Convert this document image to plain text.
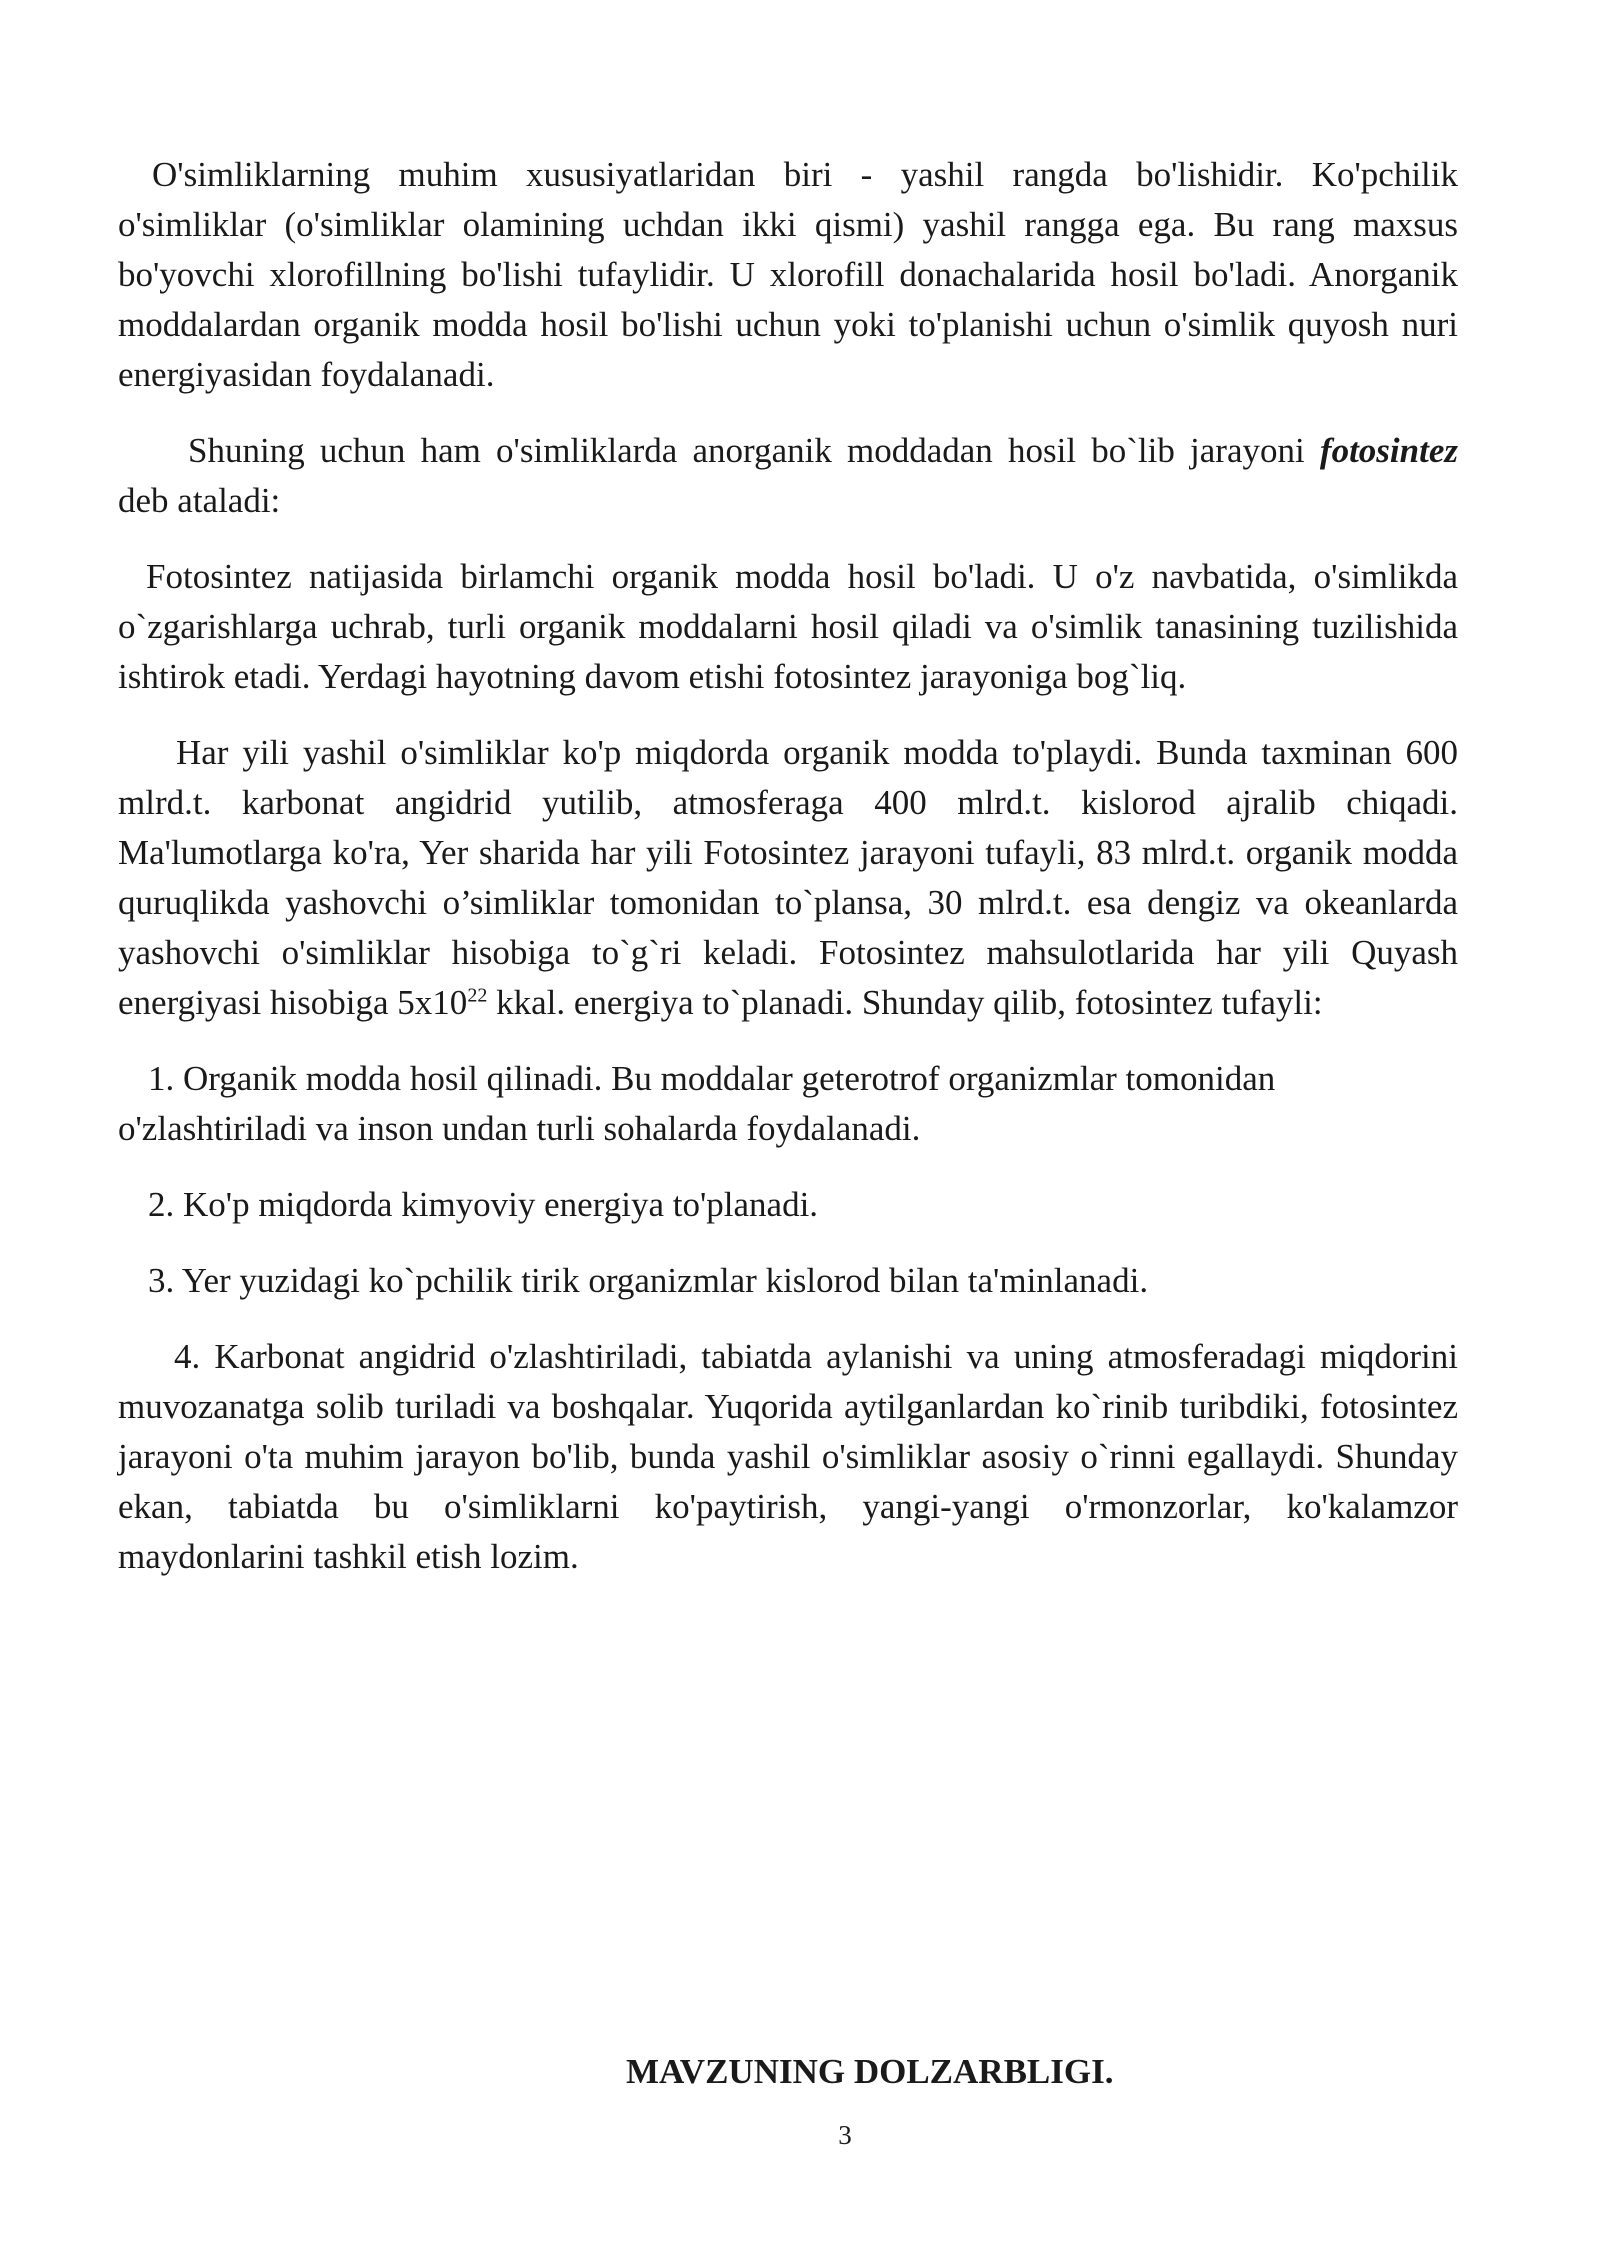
O'simliklarning muhim xususiyatlaridan biri - yashil rangda bo'lishidir. Ko'pchilik o'simliklar (o'simliklar olamining uchdan ikki qismi) yashil rangga ega. Bu rang maxsus bo'yovchi xlorofillning bo'lishi tufaylidir. U xlorofill donachalarida hosil bo'ladi. Anorganik moddalardan organik modda hosil bo'lishi uchun yoki to'planishi uchun o'simlik quyosh nuri energiyasidan foydalanadi.

Shuning uchun ham o'simliklarda anorganik moddadan hosil bo`lib jarayoni fotosintez deb ataladi:

Fotosintez natijasida birlamchi organik modda hosil bo'ladi. U o'z navbatida, o'simlikda o`zgarishlarga uchrab, turli organik moddalarni hosil qiladi va o'simlik tanasining tuzilishida ishtirok etadi. Yerdagi hayotning davom etishi fotosintez jarayoniga bog`liq.

Har yili yashil o'simliklar ko'p miqdorda organik modda to'playdi. Bunda taxminan 600 mlrd.t. karbonat angidrid yutilib, atmosferaga 400 mlrd.t. kislorod ajralib chiqadi. Ma'lumotlarga ko'ra, Yer sharida har yili Fotosintez jarayoni tufayli, 83 mlrd.t. organik modda quruqlikda yashovchi o’simliklar tomonidan to`plansa, 30 mlrd.t. esa dengiz va okeanlarda yashovchi o'simliklar hisobiga to`g`ri keladi. Fotosintez mahsulotlarida har yili Quyash energiyasi hisobiga $5x10^{22}$ kkal. energiya to`planadi. Shunday qilib, fotosintez tufayli:

1. Organik modda hosil qilinadi. Bu moddalar geterotrof organizmlar tomonidan o'zlashtiriladi va inson undan turli sohalarda foydalanadi.

2. Ko'p miqdorda kimyoviy energiya to'planadi.

3. Yer yuzidagi ko`pchilik tirik organizmlar kislorod bilan ta'minlanadi.

4. Karbonat angidrid o'zlashtiriladi, tabiatda aylanishi va uning atmosferadagi miqdorini muvozanatga solib turiladi va boshqalar. Yuqorida aytilganlardan ko`rinib turibdiki, fotosintez jarayoni o'ta muhim jarayon bo'lib, bunda yashil o'simliklar asosiy o`rinni egallaydi. Shunday ekan, tabiatda bu o'simliklarni ko'paytirish, yangi-yangi o'rmonzorlar, ko'kalamzor maydonlarini tashkil etish lozim.

MAVZUNING DOLZARBLIGI.
3
